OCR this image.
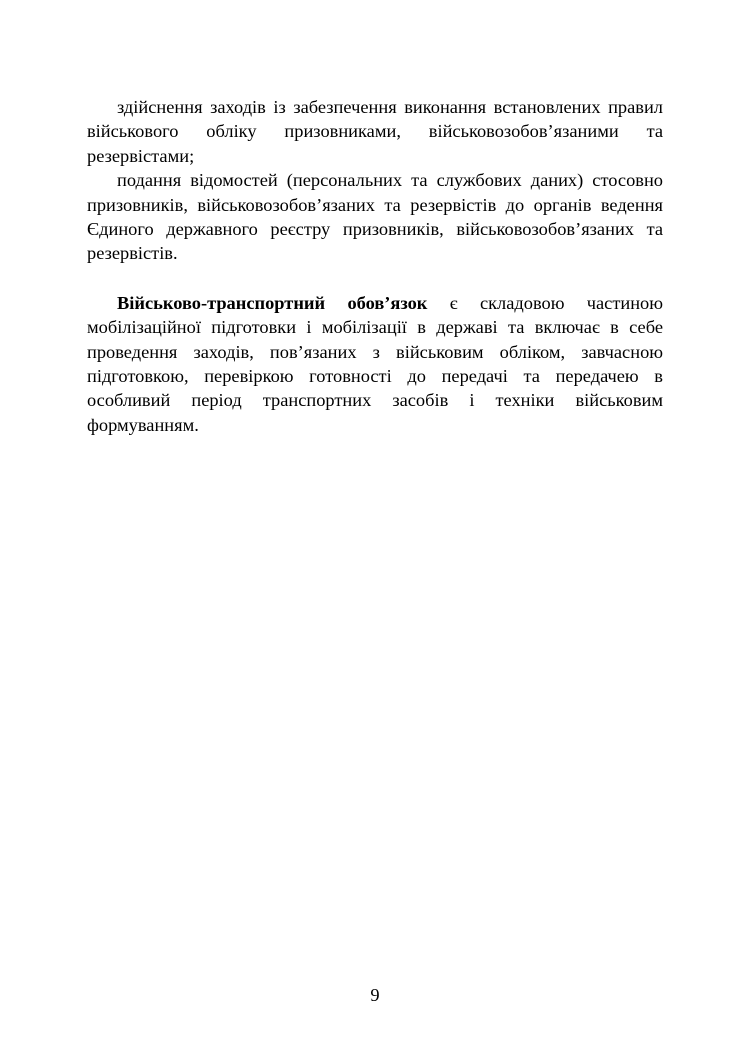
здійснення заходів із забезпечення виконання встановлених правил військового обліку призовниками, військовозобов’язаними та резервістами;

подання відомостей (персональних та службових даних) стосовно призовників, військовозобов’язаних та резервістів до органів ведення Єдиного державного реєстру призовників, військовозобов’язаних та резервістів.

Військово-транспортний обов’язок є складовою частиною мобілізаційної підготовки і мобілізації в державі та включає в себе проведення заходів, пов’язаних з військовим обліком, завчасною підготовкою, перевіркою готовності до передачі та передачею в особливий період транспортних засобів і техніки військовим формуванням.

9
